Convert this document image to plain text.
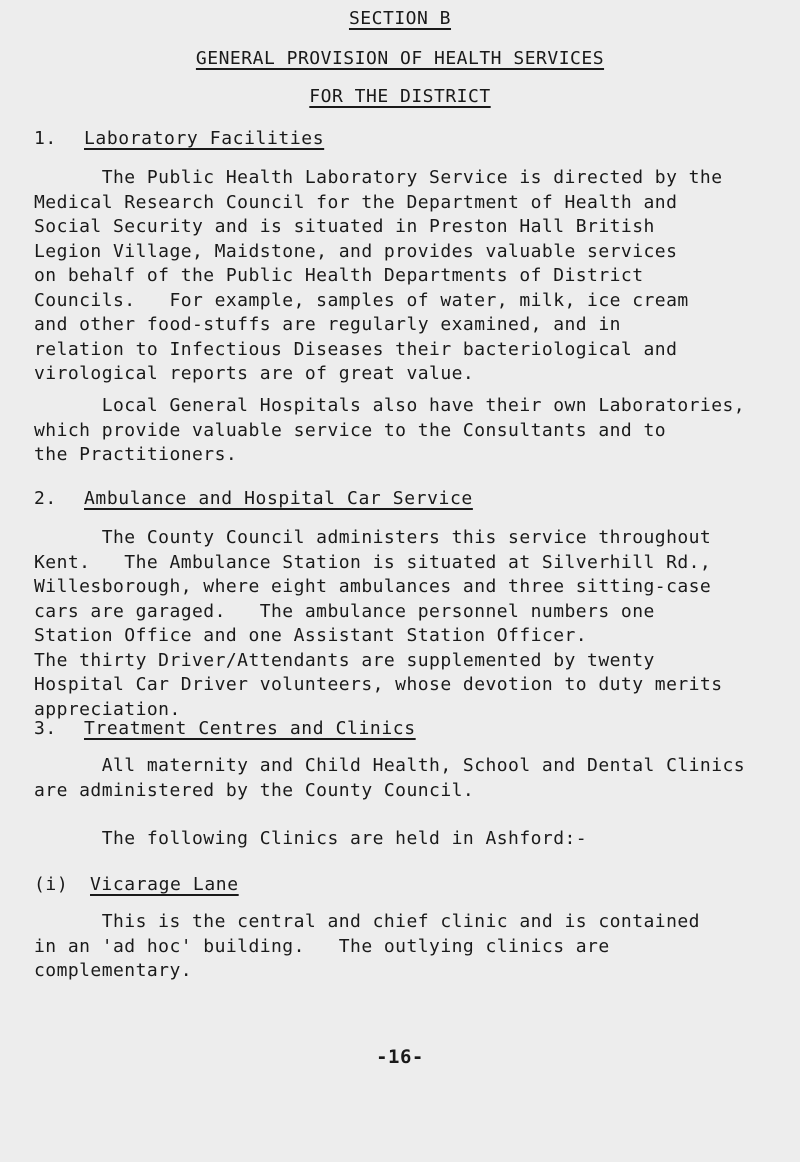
SECTION B
GENERAL PROVISION OF HEALTH SERVICES
FOR THE DISTRICT
1. Laboratory Facilities
The Public Health Laboratory Service is directed by the
Medical Research Council for the Department of Health and
Social Security and is situated in Preston Hall British
Legion Village, Maidstone, and provides valuable services
on behalf of the Public Health Departments of District
Councils.   For example, samples of water, milk, ice cream
and other food-stuffs are regularly examined, and in
relation to Infectious Diseases their bacteriological and
virological reports are of great value.
Local General Hospitals also have their own Laboratories,
which provide valuable service to the Consultants and to
the Practitioners.
2. Ambulance and Hospital Car Service
The County Council administers this service throughout
Kent.   The Ambulance Station is situated at Silverhill Rd.,
Willesborough, where eight ambulances and three sitting-case
cars are garaged.   The ambulance personnel numbers one
Station Office and one Assistant Station Officer.
The thirty Driver/Attendants are supplemented by twenty
Hospital Car Driver volunteers, whose devotion to duty merits
appreciation.
3. Treatment Centres and Clinics
All maternity and Child Health, School and Dental Clinics
are administered by the County Council.
The following Clinics are held in Ashford:-
(i) Vicarage Lane
This is the central and chief clinic and is contained
in an 'ad hoc' building.   The outlying clinics are
complementary.
-16-
